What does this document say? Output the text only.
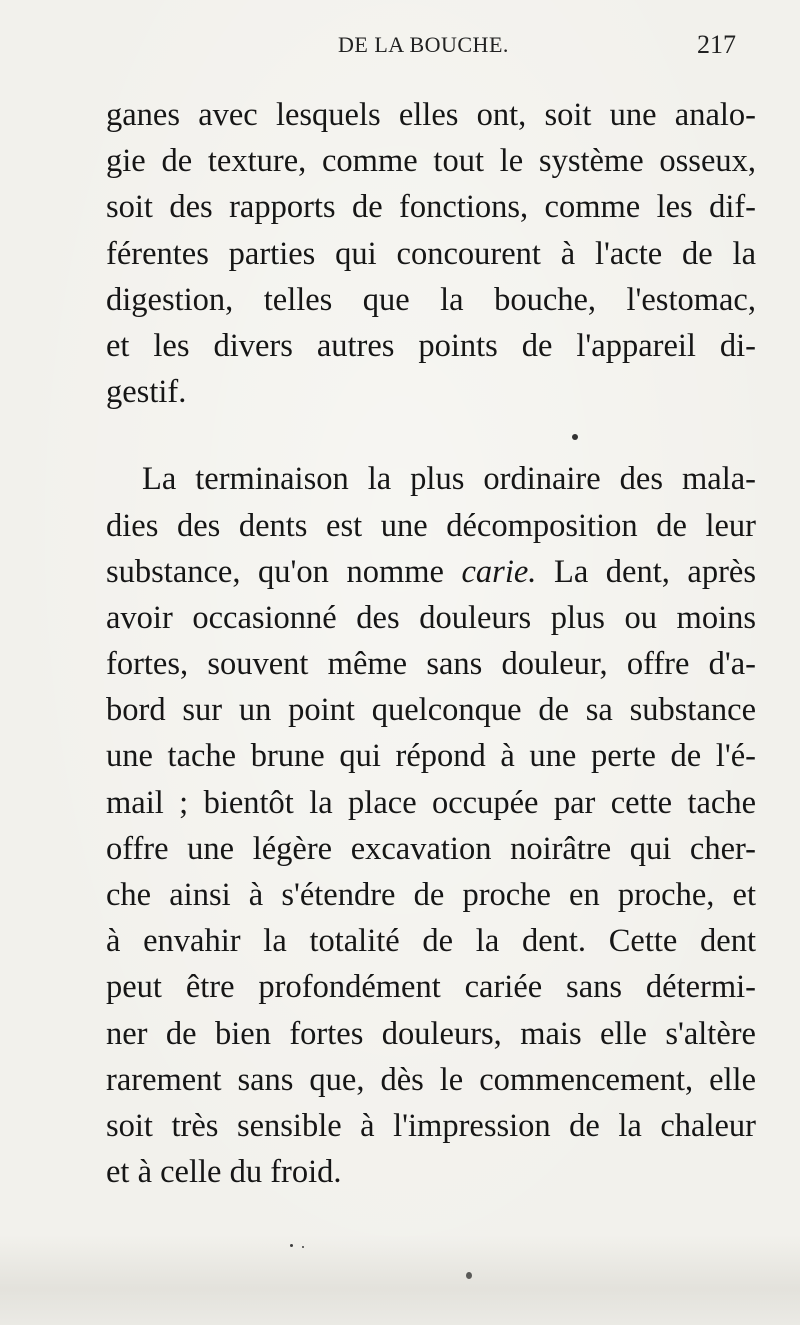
DE LA BOUCHE.	217
ganes avec lesquels elles ont, soit une analo-
gie de texture, comme tout le système osseux,
soit des rapports de fonctions, comme les dif-
férentes parties qui concourent à l'acte de la
digestion, telles que la bouche, l'estomac,
et les divers autres points de l'appareil di-
gestif.
La terminaison la plus ordinaire des mala-
dies des dents est une décomposition de leur
substance, qu'on nomme carie. La dent, après
avoir occasionné des douleurs plus ou moins
fortes, souvent même sans douleur, offre d'a-
bord sur un point quelconque de sa substance
une tache brune qui répond à une perte de l'é-
mail ; bientôt la place occupée par cette tache
offre une légère excavation noirâtre qui cher-
che ainsi à s'étendre de proche en proche, et
à envahir la totalité de la dent. Cette dent
peut être profondément cariée sans détermi-
ner de bien fortes douleurs, mais elle s'altère
rarement sans que, dès le commencement, elle
soit très sensible à l'impression de la chaleur
et à celle du froid.
